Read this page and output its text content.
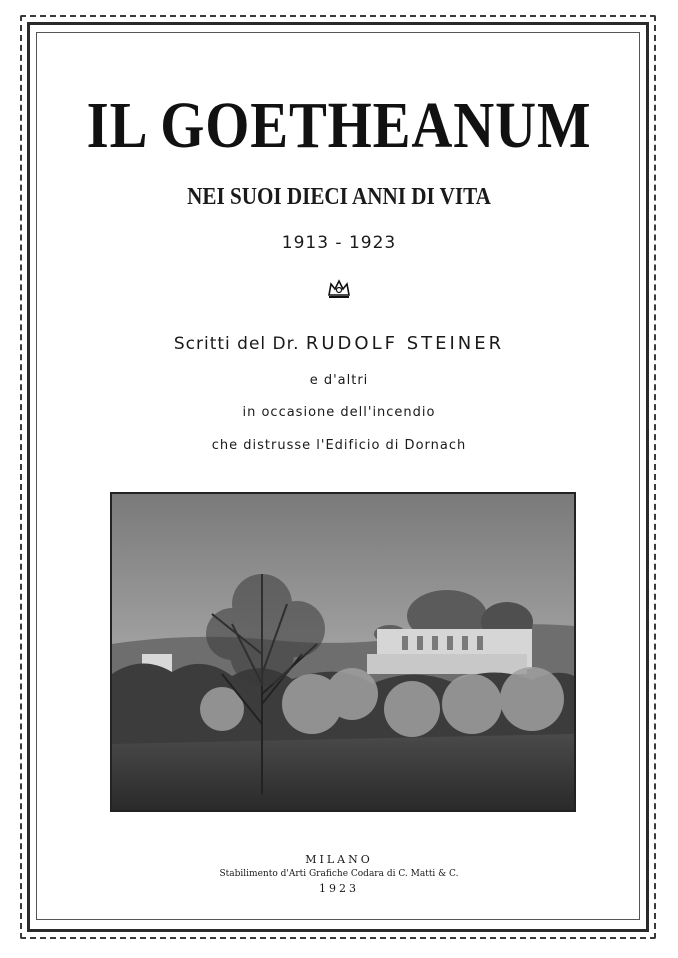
IL GOETHEANUM
NEI SUOI DIECI ANNI DI VITA
1913 - 1923
Scritti del Dr. RUDOLF STEINER
e d'altri
in occasione dell'incendio
che distrusse l'Edificio di Dornach
MILANO
Stabilimento d'Arti Grafiche Codara di C. Matti & C.
1923
